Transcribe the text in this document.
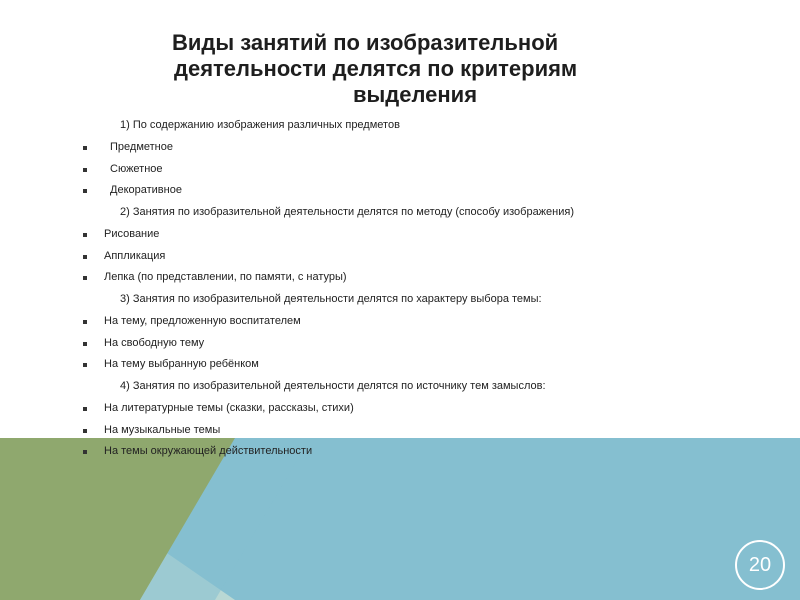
Виды занятий по изобразительной
деятельности делятся по критериям
выделения
1) По содержанию изображения различных предметов
Предметное
Сюжетное
Декоративное
2) Занятия по изобразительной деятельности делятся по методу (способу изображения)
Рисование
Аппликация
Лепка (по представлении, по памяти, с натуры)
3) Занятия по изобразительной деятельности делятся по характеру выбора темы:
На тему, предложенную воспитателем
На свободную тему
На тему выбранную ребёнком
4) Занятия по изобразительной деятельности делятся по источнику тем замыслов:
На литературные темы (сказки, рассказы, стихи)
На музыкальные темы
На темы окружающей действительности
20
